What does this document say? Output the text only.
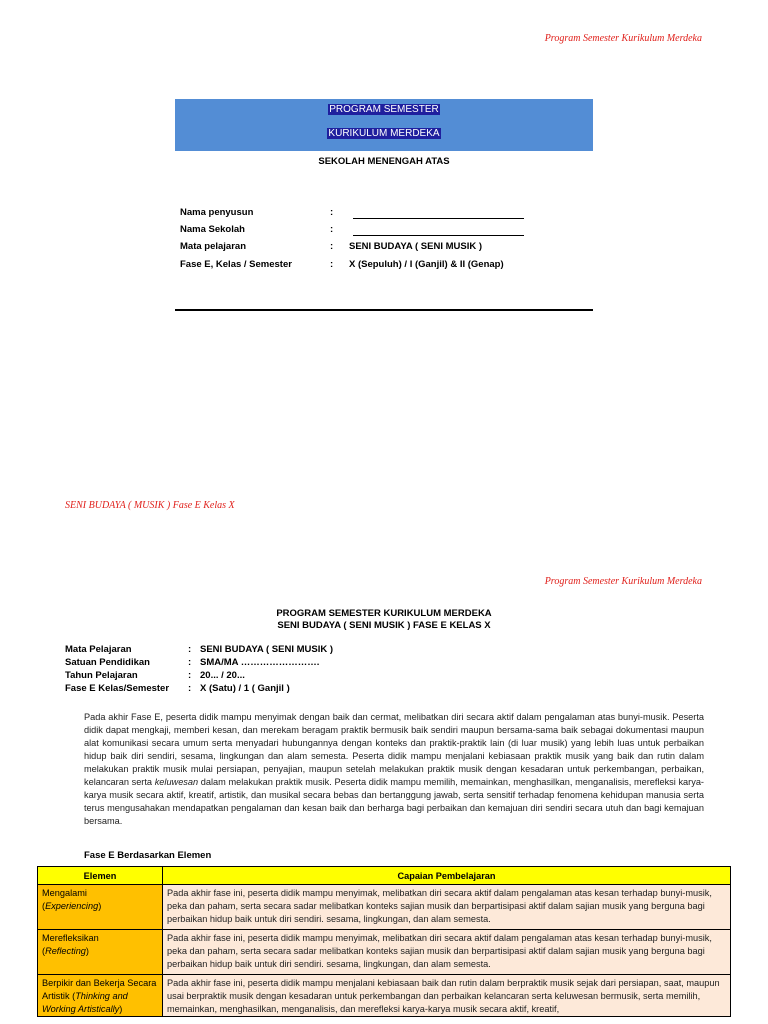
Program Semester Kurikulum Merdeka
PROGRAM SEMESTER
KURIKULUM MERDEKA
SEKOLAH MENENGAH ATAS
Nama penyusun	:
Nama Sekolah	:
Mata pelajaran	: SENI BUDAYA ( SENI MUSIK )
Fase E, Kelas / Semester	: X (Sepuluh) / I (Ganjil) & II (Genap)
SENI BUDAYA ( MUSIK ) Fase E Kelas X
Program Semester Kurikulum Merdeka
PROGRAM SEMESTER KURIKULUM MERDEKA
SENI BUDAYA ( SENI MUSIK ) FASE E KELAS X
Mata Pelajaran	: SENI BUDAYA ( SENI MUSIK )
Satuan Pendidikan	: SMA/MA …………………….
Tahun Pelajaran	: 20... / 20...
Fase E Kelas/Semester	: X (Satu) / 1 ( Ganjil )
Pada akhir Fase E, peserta didik mampu menyimak dengan baik dan cermat, melibatkan diri secara aktif dalam pengalaman atas bunyi-musik. Peserta didik dapat mengkaji, memberi kesan, dan merekam beragam praktik bermusik baik sendiri maupun bersama-sama baik sebagai dokumentasi maupun alat komunikasi secara umum serta menyadari hubungannya dengan konteks dan praktik-praktik lain (di luar musik) yang lebih luas untuk perbaikan hidup baik diri sendiri, sesama, lingkungan dan alam semesta. Peserta didik mampu menjalani kebiasaan praktik musik yang baik dan rutin dalam melakukan praktik musik mulai persiapan, penyajian, maupun setelah melakukan praktik musik dengan kesadaran untuk perkembangan, perbaikan, kelancaran serta keluwesan dalam melakukan praktik musik. Peserta didik mampu memilih, memainkan, menghasilkan, menganalisis, merefleksi karya-karya musik secara aktif, kreatif, artistik, dan musikal secara bebas dan bertanggung jawab, serta sensitif terhadap fenomena kehidupan manusia serta terus mengusahakan mendapatkan pengalaman dan kesan baik dan berharga bagi perbaikan dan kemajuan diri sendiri secara utuh dan bagi kemajuan bersama.
Fase E Berdasarkan Elemen
Elemen	Capaian Pembelajaran
Mengalami
(Experiencing)	Pada akhir fase ini, peserta didik mampu menyimak, melibatkan diri secara aktif dalam pengalaman atas kesan terhadap bunyi-musik, peka dan paham, serta secara sadar melibatkan konteks sajian musik dan berpartisipasi aktif dalam sajian musik yang berguna bagi perbaikan hidup baik untuk diri sendiri. sesama, lingkungan, dan alam semesta.
Merefleksikan
(Reflecting)	Pada akhir fase ini, peserta didik mampu menyimak, melibatkan diri secara aktif dalam pengalaman atas kesan terhadap bunyi-musik, peka dan paham, serta secara sadar melibatkan konteks sajian musik dan berpartisipasi aktif dalam sajian musik yang berguna bagi perbaikan hidup baik untuk diri sendiri. sesama, lingkungan, dan alam semesta.
Berpikir dan Bekerja Secara Artistik (Thinking and Working Artistically)	Pada akhir fase ini, peserta didik mampu menjalani kebiasaan baik dan rutin dalam berpraktik musik sejak dari persiapan, saat, maupun usai berpraktik musik dengan kesadaran untuk perkembangan dan perbaikan kelancaran serta keluwesan bermusik, serta memilih, memainkan, menghasilkan, menganalisis, dan merefleksi karya-karya musik secara aktif, kreatif,
